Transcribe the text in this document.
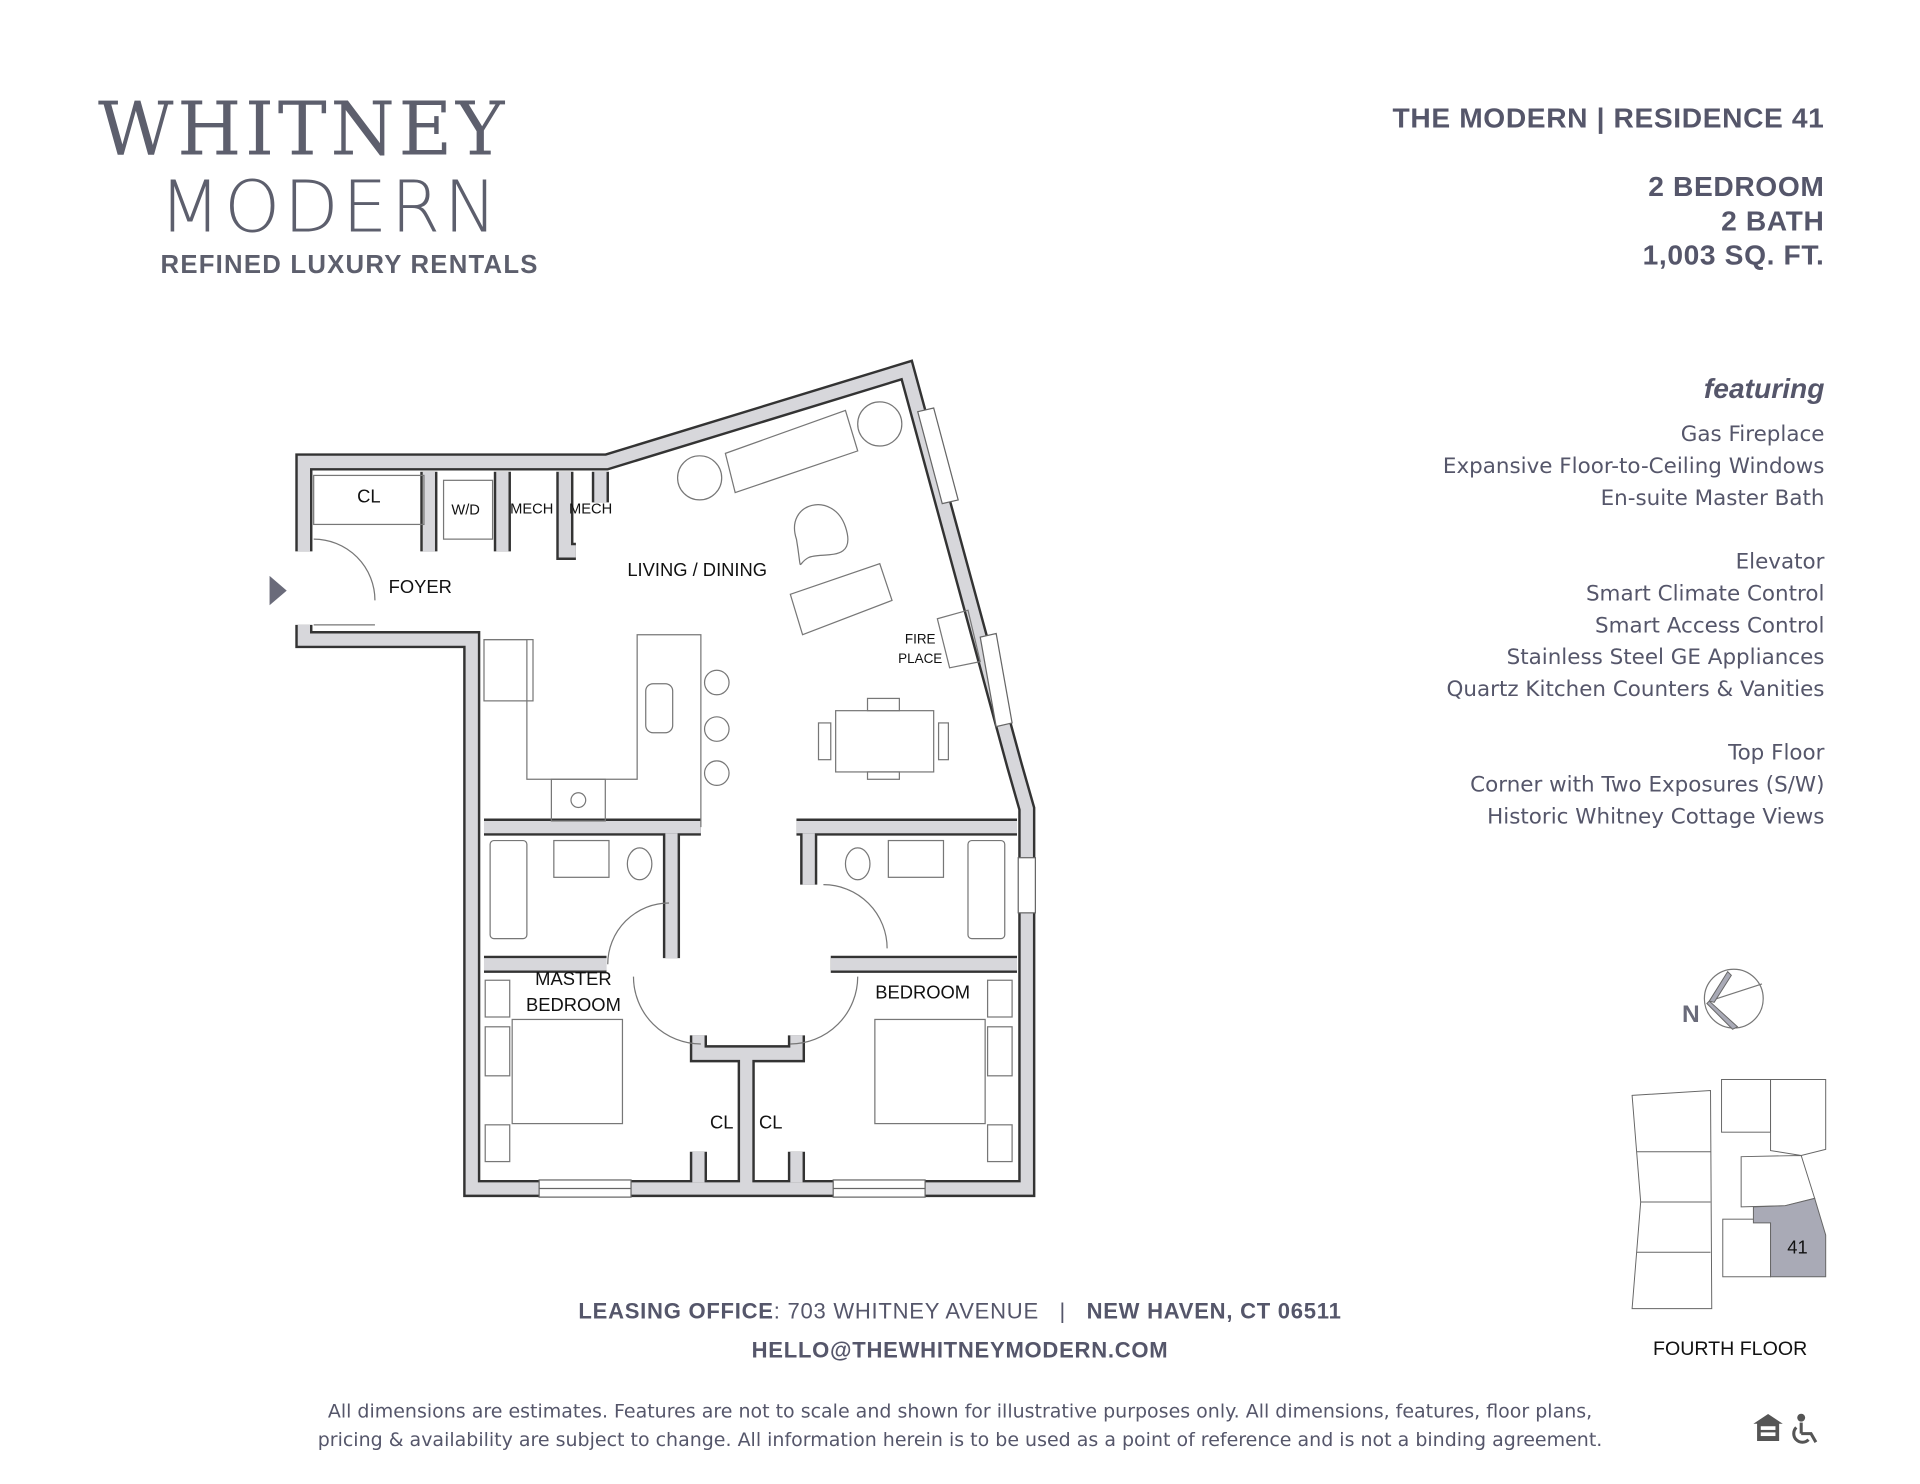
WHITNEY
MODERN
REFINED LUXURY RENTALS
THE MODERN | RESIDENCE 41
2 BEDROOM
2 BATH
1,003 SQ. FT.
featuring
Gas Fireplace
Expansive Floor-to-Ceiling Windows
En-suite Master Bath
Elevator
Smart Climate Control
Smart Access Control
Stainless Steel GE Appliances
Quartz Kitchen Counters & Vanities
Top Floor
Corner with Two Exposures (S/W)
Historic Whitney Cottage Views
CL
W/D	MECH MECH
FOYER
LIVING / DINING
FIRE
PLACE
MASTER
BEDROOM
BEDROOM
CL CL
N
41
FOURTH FLOOR
LEASING OFFICE: 703 WHITNEY AVENUE | NEW HAVEN, CT 06511
HELLO@THEWHITNEYMODERN.COM
All dimensions are estimates. Features are not to scale and shown for illustrative purposes only. All dimensions, features, floor plans,
pricing & availability are subject to change. All information herein is to be used as a point of reference and is not a binding agreement.
